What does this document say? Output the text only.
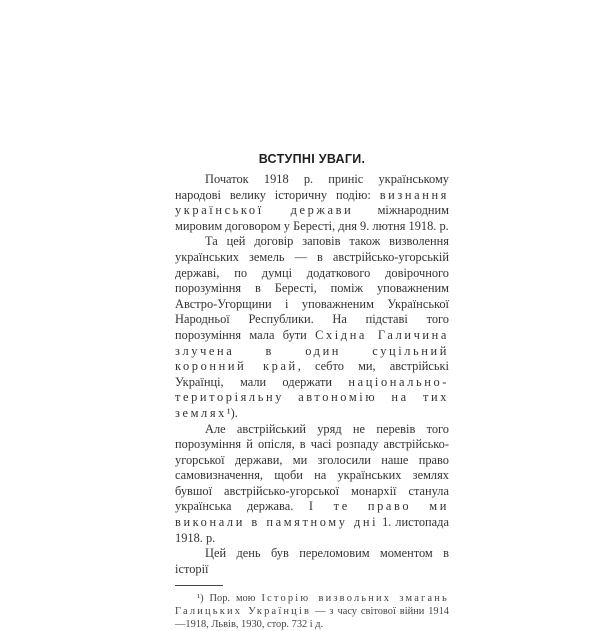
ВСТУПНІ УВАГИ.

Початок 1918 р. приніс українському народові велику історичну подію: визнання української держави міжнародним мировим договором у Бересті, дня 9. лютня 1918. р.

Та цей договір заповів також визволення українських земель — в австрійсько-угорській державі, по думці додаткового довірочного порозуміння в Бересті, поміж уповажненим Австро-Угорщини і уповажненим Української Народньої Республики. На підставі того порозуміння мала бути Східна Галичина злучена в один суцільний коронний край, себто ми, австрійські Українці, мали одержати національно-територіяльну автономію на тих землях¹).

Але австрійський уряд не перевів того порозуміння й опісля, в часі розпаду австрійсько-угорської держави, ми зголосили наше право самовизначення, щоби на українських землях бувшої австрійсько-угорської монархії станула українська держава. І те право ми виконали в памятному дні 1. листопада 1918. р.

Цей день був переломовим моментом в історії

¹) Пор. мою Історію визвольних змагань Галицьких Українців — з часу світової війни 1914—1918, Львів, 1930, стор. 732 і д.
